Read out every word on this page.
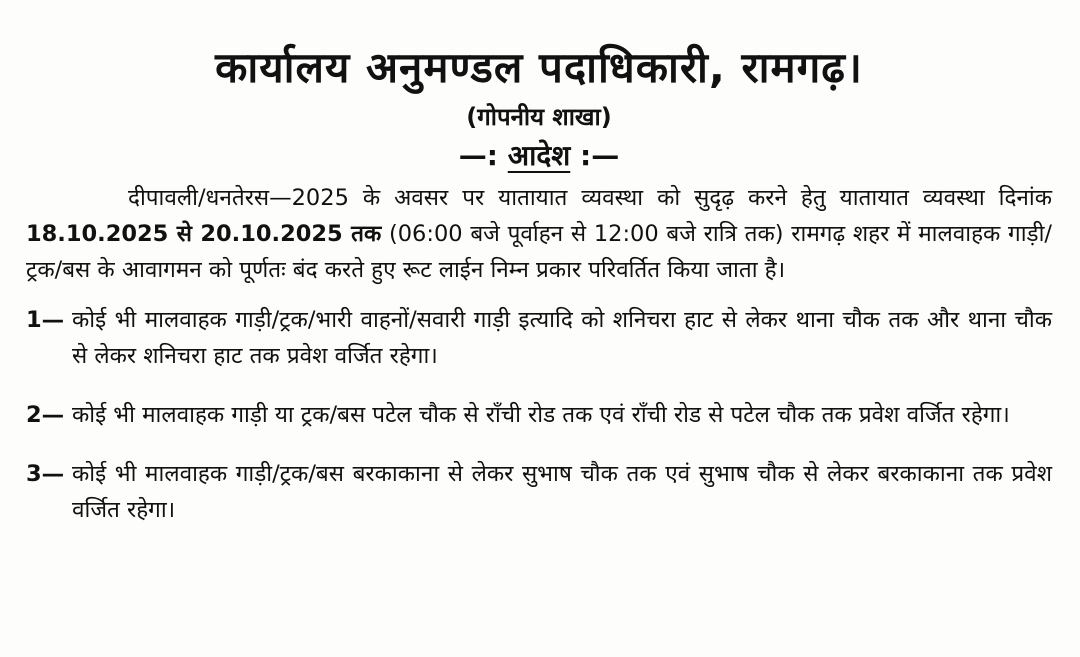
कार्यालय अनुमण्डल पदाधिकारी, रामगढ़।
(गोपनीय शाखा)
—: आदेश :—
दीपावली/धनतेरस—2025 के अवसर पर यातायात व्यवस्था को सुदृढ़ करने हेतु यातायात व्यवस्था दिनांक 18.10.2025 से 20.10.2025 तक (06:00 बजे पूर्वाहन से 12:00 बजे रात्रि तक) रामगढ़ शहर में मालवाहक गाड़ी/ट्रक/बस के आवागमन को पूर्णतः बंद करते हुए रूट लाईन निम्न प्रकार परिवर्तित किया जाता है।
1— कोई भी मालवाहक गाड़ी/ट्रक/भारी वाहनों/सवारी गाड़ी इत्यादि को शनिचरा हाट से लेकर थाना चौक तक और थाना चौक से लेकर शनिचरा हाट तक प्रवेश वर्जित रहेगा।
2— कोई भी मालवाहक गाड़ी या ट्रक/बस पटेल चौक से राँची रोड तक एवं राँची रोड से पटेल चौक तक प्रवेश वर्जित रहेगा।
3— कोई भी मालवाहक गाड़ी/ट्रक/बस बरकाकाना से लेकर सुभाष चौक तक एवं सुभाष चौक से लेकर बरकाकाना तक प्रवेश वर्जित रहेगा।
